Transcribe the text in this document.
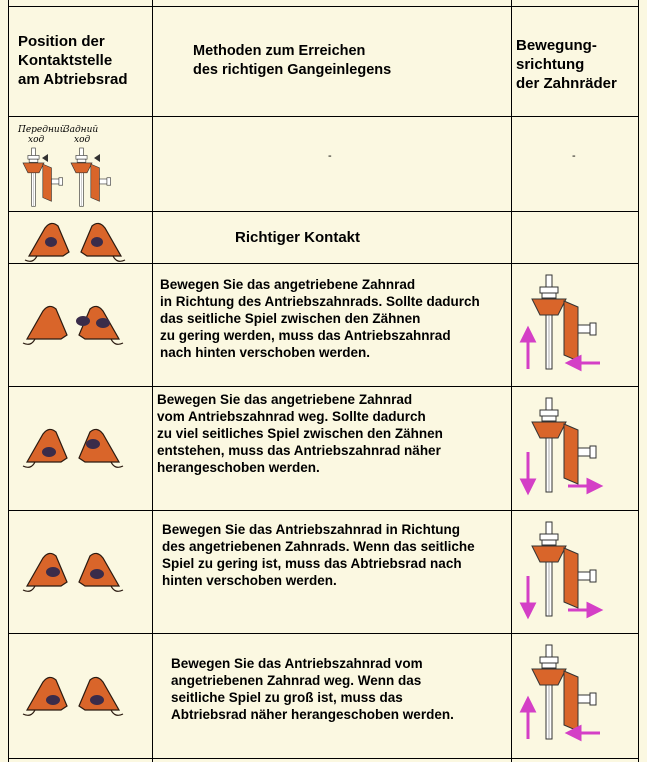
Position der
Kontaktstelle
am Abtriebsrad
Methoden zum Erreichen
des richtigen Gangeinlegens
Bewegung-
srichtung
der Zahnräder
Передний ход
Задний ход
-	-
Richtiger Kontakt
Bewegen Sie das angetriebene Zahnrad
in Richtung des Antriebszahnrads. Sollte dadurch
das seitliche Spiel zwischen den Zähnen
zu gering werden, muss das Antriebszahnrad
nach hinten verschoben werden.
Bewegen Sie das angetriebene Zahnrad
vom Antriebszahnrad weg. Sollte dadurch
zu viel seitliches Spiel zwischen den Zähnen
entstehen, muss das Antriebszahnrad näher
herangeschoben werden.
Bewegen Sie das Antriebszahnrad in Richtung
des angetriebenen Zahnrads. Wenn das seitliche
Spiel zu gering ist, muss das Abtriebsrad nach
hinten verschoben werden.
Bewegen Sie das Antriebszahnrad vom
angetriebenen Zahnrad weg. Wenn das
seitliche Spiel zu groß ist, muss das
Abtriebsrad näher herangeschoben werden.
